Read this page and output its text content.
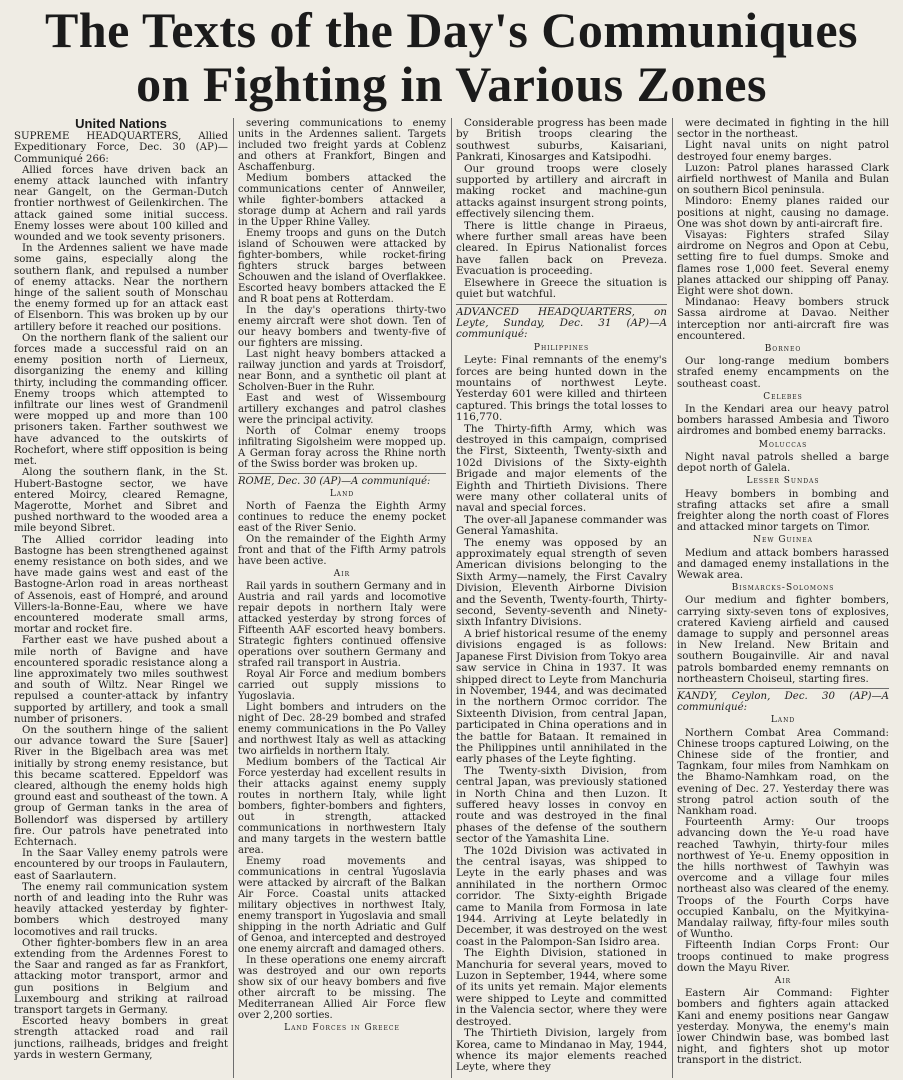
The Texts of the Day's Communiques
on Fighting in Various Zones
United Nations

SUPREME HEADQUARTERS, Allied Expeditionary Force, Dec. 30 (AP)—Communiqué 266:

Allied forces have driven back an enemy attack launched with infantry near Gangelt, on the German-Dutch frontier northwest of Geilenkirchen. The attack gained some initial success. Enemy losses were about 100 killed and wounded and we took seventy prisoners.

In the Ardennes salient we have made some gains, especially along the southern flank, and repulsed a number of enemy attacks. Near the northern hinge of the salient south of Monschau the enemy formed up for an attack east of Elsenborn. This was broken up by our artillery before it reached our positions.

On the northern flank of the salient our forces made a successful raid on an enemy position north of Lierneux, disorganizing the enemy and killing thirty, including the commanding officer. Enemy troops which attempted to infiltrate our lines west of Grandmenil were mopped up and more than 100 prisoners taken. Farther southwest we have advanced to the outskirts of Rochefort, where stiff opposition is being met.

Along the southern flank, in the St. Hubert-Bastogne sector, we have entered Moircy, cleared Remagne, Magerotte, Morhet and Sibret and pushed northward to the wooded area a mile beyond Sibret.

The Allied corridor leading into Bastogne has been strengthened against enemy resistance on both sides, and we have made gains west and east of the Bastogne-Arlon road in areas northeast of Assenois, east of Hompré, and around Villers-la-Bonne-Eau, where we have encountered moderate small arms, mortar and rocket fire.

Farther east we have pushed about a mile north of Bavigne and have encountered sporadic resistance along a line approximately two miles southwest and south of Wiltz. Near Ringel we repulsed a counter-attack by infantry supported by artillery, and took a small number of prisoners.

On the southern hinge of the salient our advance toward the Sure [Sauer] River in the Bigelbach area was met initially by strong enemy resistance, but this became scattered. Eppeldorf was cleared, although the enemy holds high ground east and southeast of the town. A group of German tanks in the area of Bollendorf was dispersed by artillery fire. Our patrols have penetrated into Echternach.

In the Saar Valley enemy patrols were encountered by our troops in Faulautern, east of Saarlautern.

The enemy rail communication system north of and leading into the Ruhr was heavily attacked yesterday by fighter-bombers which destroyed many locomotives and rail trucks.

Other fighter-bombers flew in an area extending from the Ardennes Forest to the Saar and ranged as far as Frankfort, attacking motor transport, armor and gun positions in Belgium and Luxembourg and striking at railroad transport targets in Germany.

Escorted heavy bombers in great strength attacked road and rail junctions, railheads, bridges and freight yards in western Germany,

severing communications to enemy units in the Ardennes salient. Targets included two freight yards at Coblenz and others at Frankfort, Bingen and Aschaffenburg.

Medium bombers attacked the communications center of Annweiler, while fighter-bombers attacked a storage dump at Achern and rail yards in the Upper Rhine Valley.

Enemy troops and guns on the Dutch island of Schouwen were attacked by fighter-bombers, while rocket-firing fighters struck barges between Schouwen and the island of Overflakkee. Escorted heavy bombers attacked the E and R boat pens at Rotterdam.

In the day's operations thirty-two enemy aircraft were shot down. Ten of our heavy bombers and twenty-five of our fighters are missing.

Last night heavy bombers attacked a railway junction and yards at Troisdorf, near Bonn, and a synthetic oil plant at Scholven-Buer in the Ruhr.

East and west of Wissembourg artillery exchanges and patrol clashes were the principal activity.

North of Colmar enemy troops infiltrating Sigolsheim were mopped up. A German foray across the Rhine north of the Swiss border was broken up.

ROME, Dec. 30 (AP)—A communiqué:

Land

North of Faenza the Eighth Army continues to reduce the enemy pocket east of the River Senio.

On the remainder of the Eighth Army front and that of the Fifth Army patrols have been active.

Air

Rail yards in southern Germany and in Austria and rail yards and locomotive repair depots in northern Italy were attacked yesterday by strong forces of Fifteenth AAF escorted heavy bombers. Strategic fighters continued offensive operations over southern Germany and strafed rail transport in Austria.

Royal Air Force and medium bombers carried out supply missions to Yugoslavia.

Light bombers and intruders on the night of Dec. 28-29 bombed and strafed enemy communications in the Po Valley and northwest Italy as well as attacking two airfields in northern Italy.

Medium bombers of the Tactical Air Force yesterday had excellent results in their attacks against enemy supply routes in northern Italy, while light bombers, fighter-bombers and fighters, out in strength, attacked communications in northwestern Italy and many targets in the western battle area.

Enemy road movements and communications in central Yugoslavia were attacked by aircraft of the Balkan Air Force. Coastal units attacked military objectives in northwest Italy, enemy transport in Yugoslavia and small shipping in the north Adriatic and Gulf of Genoa, and intercepted and destroyed one enemy aircraft and damaged others.

In these operations one enemy aircraft was destroyed and our own reports show six of our heavy bombers and five other aircraft to be missing. The Mediterranean Allied Air Force flew over 2,200 sorties.

Land Forces in Greece

Considerable progress has been made by British troops clearing the southwest suburbs, Kaisariani, Pankrati, Kinosarges and Katsipodhi.

Our ground troops were closely supported by artillery and aircraft in making rocket and machine-gun attacks against insurgent strong points, effectively silencing them.

There is little change in Piraeus, where further small areas have been cleared. In Epirus Nationalist forces have fallen back on Preveza. Evacuation is proceeding.

Elsewhere in Greece the situation is quiet but watchful.

ADVANCED HEADQUARTERS, on Leyte, Sunday, Dec. 31 (AP)—A communiqué:

Philippines

Leyte: Final remnants of the enemy's forces are being hunted down in the mountains of northwest Leyte. Yesterday 601 were killed and thirteen captured. This brings the total losses to 116,770.

The Thirty-fifth Army, which was destroyed in this campaign, comprised the First, Sixteenth, Twenty-sixth and 102d Divisions of the Sixty-eighth Brigade and major elements of the Eighth and Thirtieth Divisions. There were many other collateral units of naval and special forces.

The over-all Japanese commander was General Yamashita.

The enemy was opposed by an approximately equal strength of seven American divisions belonging to the Sixth Army—namely, the First Cavalry Division, Eleventh Airborne Division and the Seventh, Twenty-fourth, Thirty-second, Seventy-seventh and Ninety-sixth Infantry Divisions.

A brief historical resume of the enemy divisions engaged is as follows: Japanese First Division from Tokyo area saw service in China in 1937. It was shipped direct to Leyte from Manchuria in November, 1944, and was decimated in the northern Ormoc corridor. The Sixteenth Division, from central Japan, participated in China operations and in the battle for Bataan. It remained in the Philippines until annihilated in the early phases of the Leyte fighting.

The Twenty-sixth Division, from central Japan, was previously stationed in North China and then Luzon. It suffered heavy losses in convoy en route and was destroyed in the final phases of the defense of the southern sector of the Yamashita Line.

The 102d Division was activated in the central isayas, was shipped to Leyte in the early phases and was annihilated in the northern Ormoc corridor. The Sixty-eighth Brigade came to Manila from Formosa in late 1944. Arriving at Leyte belatedly in December, it was destroyed on the west coast in the Palompon-San Isidro area.

The Eighth Division, stationed in Manchuria for several years, moved to Luzon in September, 1944, where some of its units yet remain. Major elements were shipped to Leyte and committed in the Valencia sector, where they were destroyed.

The Thirtieth Division, largely from Korea, came to Mindanao in May, 1944, whence its major elements reached Leyte, where they

were decimated in fighting in the hill sector in the northeast.

Light naval units on night patrol destroyed four enemy barges.

Luzon: Patrol planes harassed Clark airfield northwest of Manila and Bulan on southern Bicol peninsula.

Mindoro: Enemy planes raided our positions at night, causing no damage. One was shot down by anti-aircraft fire.

Visayas: Fighters strafed Silay airdrome on Negros and Opon at Cebu, setting fire to fuel dumps. Smoke and flames rose 1,000 feet. Several enemy planes attacked our shipping off Panay. Eight were shot down.

Mindanao: Heavy bombers struck Sassa airdrome at Davao. Neither interception nor anti-aircraft fire was encountered.

Borneo

Our long-range medium bombers strafed enemy encampments on the southeast coast.

Celebes

In the Kendari area our heavy patrol bombers harassed Ambesia and Tiworo airdromes and bombed enemy barracks.

Moluccas

Night naval patrols shelled a barge depot north of Galela.

Lesser Sundas

Heavy bombers in bombing and strafing attacks set afire a small freighter along the north coast of Flores and attacked minor targets on Timor.

New Guinea

Medium and attack bombers harassed and damaged enemy installations in the Wewak area.

Bismarcks-Solomons

Our medium and fighter bombers, carrying sixty-seven tons of explosives, cratered Kavieng airfield and caused damage to supply and personnel areas in New Ireland. New Britain and southern Bougainville. Air and naval patrols bombarded enemy remnants on northeastern Choiseul, starting fires.

KANDY, Ceylon, Dec. 30 (AP)—A communiqué:

Land

Northern Combat Area Command: Chinese troops captured Loiwing, on the Chinese side of the frontier, and Tagnkam, four miles from Namhkam on the Bhamo-Namhkam road, on the evening of Dec. 27. Yesterday there was strong patrol action south of the Nankham road.

Fourteenth Army: Our troops advancing down the Ye-u road have reached Tawhyin, thirty-four miles northwest of Ye-u. Enemy opposition in the hills northwest of Tawhyin was overcome and a village four miles northeast also was cleared of the enemy. Troops of the Fourth Corps have occupied Kanbalu, on the Myitkyina-Mandalay railway, fifty-four miles south of Wuntho.

Fifteenth Indian Corps Front: Our troops continued to make progress down the Mayu River.

Air

Eastern Air Command: Fighter bombers and fighters again attacked Kani and enemy positions near Gangaw yesterday. Monywa, the enemy's main lower Chindwin base, was bombed last night, and fighters shot up motor transport in the district.
